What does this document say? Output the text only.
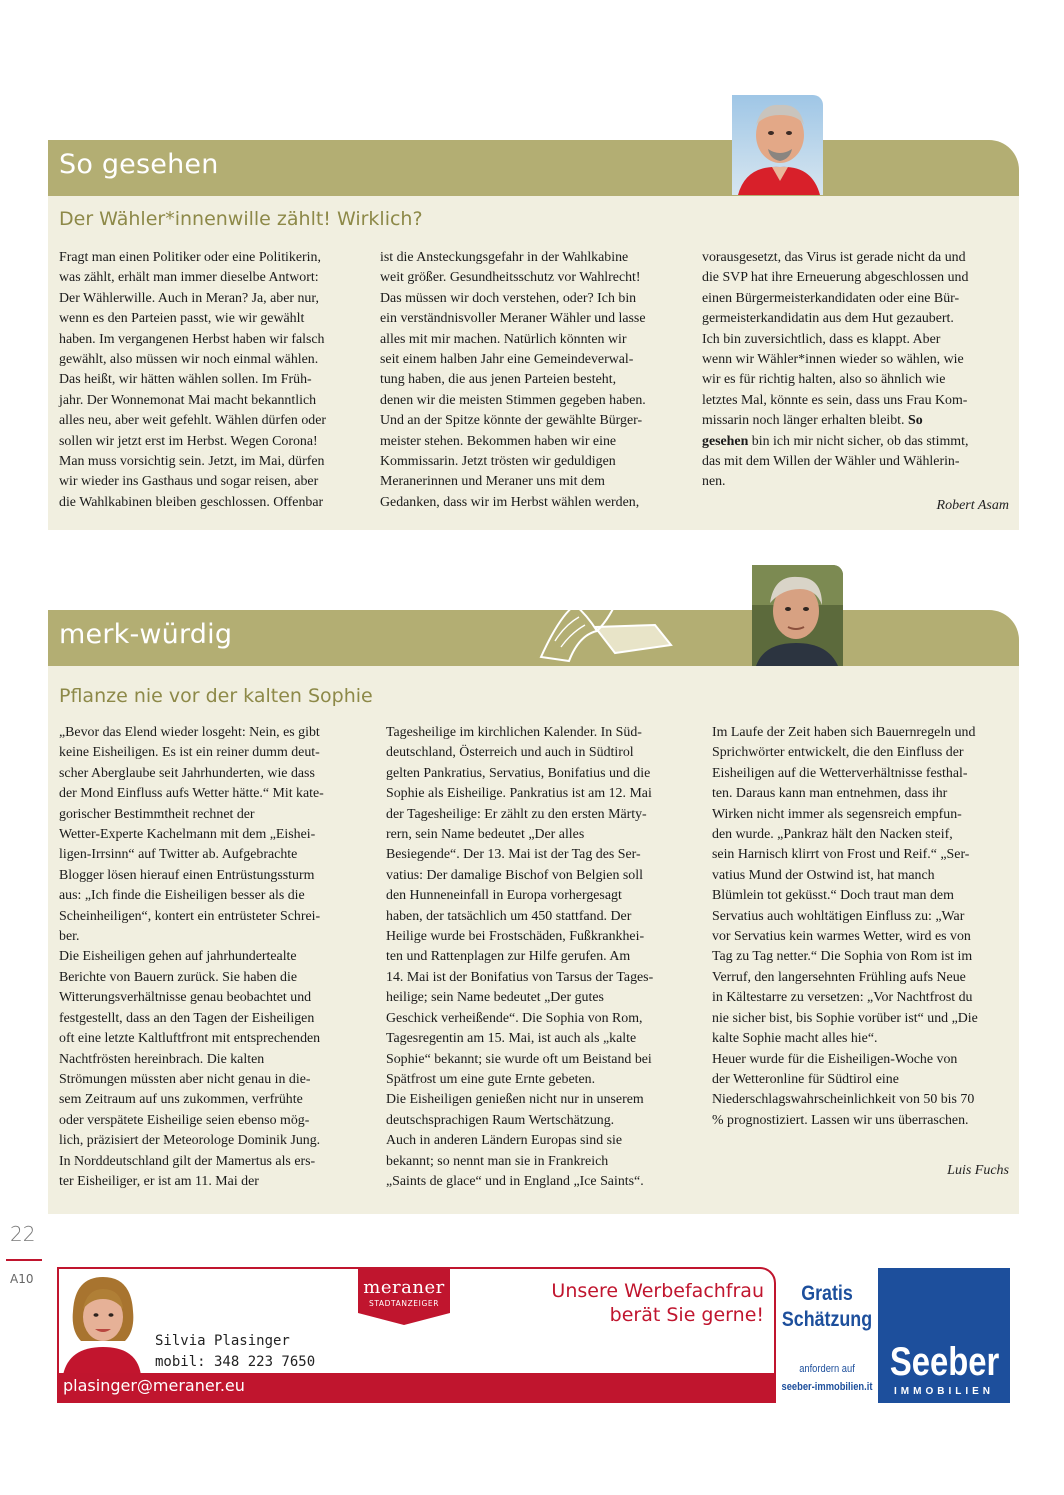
So gesehen
Der Wähler*innenwille zählt! Wirklich?

Fragt man einen Politiker oder eine Politikerin,

was zählt, erhält man immer dieselbe Antwort:

Der Wählerwille. Auch in Meran? Ja, aber nur,

wenn es den Parteien passt, wie wir gewählt

haben. Im vergangenen Herbst haben wir falsch

gewählt, also müssen wir noch einmal wählen.

Das heißt, wir hätten wählen sollen. Im Früh-

jahr. Der Wonnemonat Mai macht bekanntlich

alles neu, aber weit gefehlt. Wählen dürfen oder

sollen wir jetzt erst im Herbst. Wegen Corona!

Man muss vorsichtig sein. Jetzt, im Mai, dürfen

wir wieder ins Gasthaus und sogar reisen, aber

die Wahlkabinen bleiben geschlossen. Offenbar

ist die Ansteckungsgefahr in der Wahlkabine

weit größer. Gesundheitsschutz vor Wahlrecht!

Das müssen wir doch verstehen, oder? Ich bin

ein verständnisvoller Meraner Wähler und lasse

alles mit mir machen. Natürlich könnten wir

seit einem halben Jahr eine Gemeindeverwal-

tung haben, die aus jenen Parteien besteht,

denen wir die meisten Stimmen gegeben haben.

Und an der Spitze könnte der gewählte Bürger-

meister stehen. Bekommen haben wir eine

Kommissarin. Jetzt trösten wir geduldigen

Meranerinnen und Meraner uns mit dem

Gedanken, dass wir im Herbst wählen werden,

vorausgesetzt, das Virus ist gerade nicht da und

die SVP hat ihre Erneuerung abgeschlossen und

einen Bürgermeisterkandidaten oder eine Bür-

germeisterkandidatin aus dem Hut gezaubert.

Ich bin zuversichtlich, dass es klappt. Aber

wenn wir Wähler*innen wieder so wählen, wie

wir es für richtig halten, also so ähnlich wie

letztes Mal, könnte es sein, dass uns Frau Kom-

missarin noch länger erhalten bleibt. So

gesehen bin ich mir nicht sicher, ob das stimmt,

das mit dem Willen der Wähler und Wählerin-

nen.

Robert Asam
merk-würdig
Pflanze nie vor der kalten Sophie

„Bevor das Elend wieder losgeht: Nein, es gibt

keine Eisheiligen. Es ist ein reiner dumm deut-

scher Aberglaube seit Jahrhunderten, wie dass

der Mond Einfluss aufs Wetter hätte.“ Mit kate-

gorischer Bestimmtheit rechnet der

Wetter-Experte Kachelmann mit dem „Eishei-

ligen-Irrsinn“ auf Twitter ab. Aufgebrachte

Blogger lösen hierauf einen Entrüstungssturm

aus: „Ich finde die Eisheiligen besser als die

Scheinheiligen“, kontert ein entrüsteter Schrei-

ber.

Die Eisheiligen gehen auf jahrhundertealte

Berichte von Bauern zurück. Sie haben die

Witterungsverhältnisse genau beobachtet und

festgestellt, dass an den Tagen der Eisheiligen

oft eine letzte Kaltluftfront mit entsprechenden

Nachtfrösten hereinbrach. Die kalten

Strömungen müssten aber nicht genau in die-

sem Zeitraum auf uns zukommen, verfrühte

oder verspätete Eisheilige seien ebenso mög-

lich, präzisiert der Meteorologe Dominik Jung.

In Norddeutschland gilt der Mamertus als ers-

ter Eisheiliger, er ist am 11. Mai der

Tagesheilige im kirchlichen Kalender. In Süd-

deutschland, Österreich und auch in Südtirol

gelten Pankratius, Servatius, Bonifatius und die

Sophie als Eisheilige. Pankratius ist am 12. Mai

der Tagesheilige: Er zählt zu den ersten Märty-

rern, sein Name bedeutet „Der alles

Besiegende“. Der 13. Mai ist der Tag des Ser-

vatius: Der damalige Bischof von Belgien soll

den Hunneneinfall in Europa vorhergesagt

haben, der tatsächlich um 450 stattfand. Der

Heilige wurde bei Frostschäden, Fußkrankhei-

ten und Rattenplagen zur Hilfe gerufen. Am

14. Mai ist der Bonifatius von Tarsus der Tages-

heilige; sein Name bedeutet „Der gutes

Geschick verheißende“. Die Sophia von Rom,

Tagesregentin am 15. Mai, ist auch als „kalte

Sophie“ bekannt; sie wurde oft um Beistand bei

Spätfrost um eine gute Ernte gebeten.

Die Eisheiligen genießen nicht nur in unserem

deutschsprachigen Raum Wertschätzung.

Auch in anderen Ländern Europas sind sie

bekannt; so nennt man sie in Frankreich

„Saints de glace“ und in England „Ice Saints“.

Im Laufe der Zeit haben sich Bauernregeln und

Sprichwörter entwickelt, die den Einfluss der

Eisheiligen auf die Wetterverhältnisse festhal-

ten. Daraus kann man entnehmen, dass ihr

Wirken nicht immer als segensreich empfun-

den wurde. „Pankraz hält den Nacken steif,

sein Harnisch klirrt von Frost und Reif.“ „Ser-

vatius Mund der Ostwind ist, hat manch

Blümlein tot geküsst.“ Doch traut man dem

Servatius auch wohltätigen Einfluss zu: „War

vor Servatius kein warmes Wetter, wird es von

Tag zu Tag netter.“ Die Sophia von Rom ist im

Verruf, den langersehnten Frühling aufs Neue

in Kältestarre zu versetzen: „Vor Nachtfrost du

nie sicher bist, bis Sophie vorüber ist“ und „Die

kalte Sophie macht alles hie“.

Heuer wurde für die Eisheiligen-Woche von

der Wetteronline für Südtirol eine

Niederschlagswahrscheinlichkeit von 50 bis 70

% prognostiziert. Lassen wir uns überraschen.

Luis Fuchs
22
A10
Silvia Plasinger
mobil: 348 223 7650
meraner
STADTANZEIGER
Unsere Werbefachfrau
berät Sie gerne!
plasinger@meraner.eu
Gratis
Schätzung
anfordern auf
seeber-immobilien.it
Seeber
IMMOBILIEN
